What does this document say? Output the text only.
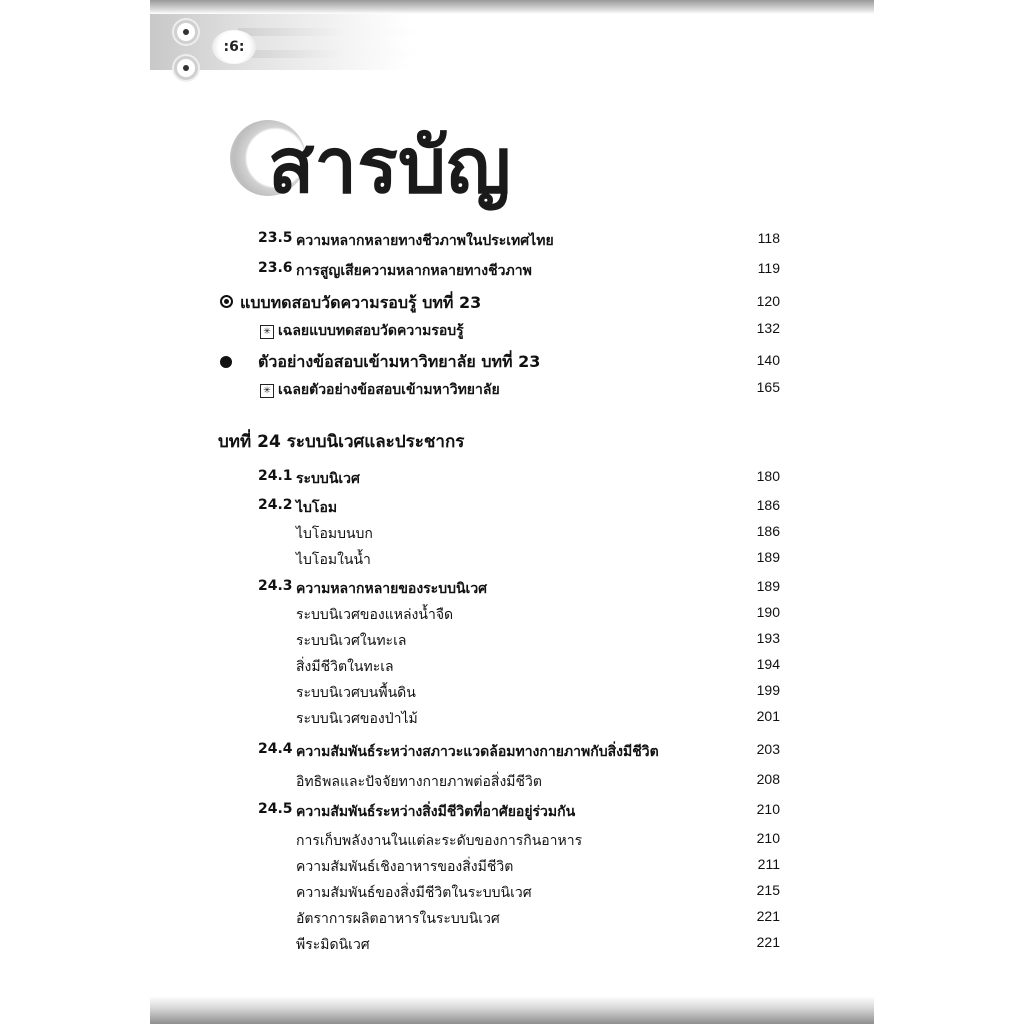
:6:
สารบัญ
23.5 ความหลากหลายทางชีวภาพในประเทศไทย	118
23.6 การสูญเสียความหลากหลายทางชีวภาพ	119
แบบทดสอบวัดความรอบรู้ บทที่ 23	120
✳ เฉลยแบบทดสอบวัดความรอบรู้	132
ตัวอย่างข้อสอบเข้ามหาวิทยาลัย บทที่ 23	140
✳ เฉลยตัวอย่างข้อสอบเข้ามหาวิทยาลัย	165
บทที่ 24 ระบบนิเวศและประชากร
24.1 ระบบนิเวศ	180
24.2 ไบโอม	186
ไบโอมบนบก	186
ไบโอมในน้ำ	189
24.3 ความหลากหลายของระบบนิเวศ	189
ระบบนิเวศของแหล่งน้ำจืด	190
ระบบนิเวศในทะเล	193
สิ่งมีชีวิตในทะเล	194
ระบบนิเวศบนพื้นดิน	199
ระบบนิเวศของป่าไม้	201
24.4 ความสัมพันธ์ระหว่างสภาวะแวดล้อมทางกายภาพกับสิ่งมีชีวิต	203
อิทธิพลและปัจจัยทางกายภาพต่อสิ่งมีชีวิต	208
24.5 ความสัมพันธ์ระหว่างสิ่งมีชีวิตที่อาศัยอยู่ร่วมกัน	210
การเก็บพลังงานในแต่ละระดับของการกินอาหาร	210
ความสัมพันธ์เชิงอาหารของสิ่งมีชีวิต	211
ความสัมพันธ์ของสิ่งมีชีวิตในระบบนิเวศ	215
อัตราการผลิตอาหารในระบบนิเวศ	221
พีระมิดนิเวศ	221
